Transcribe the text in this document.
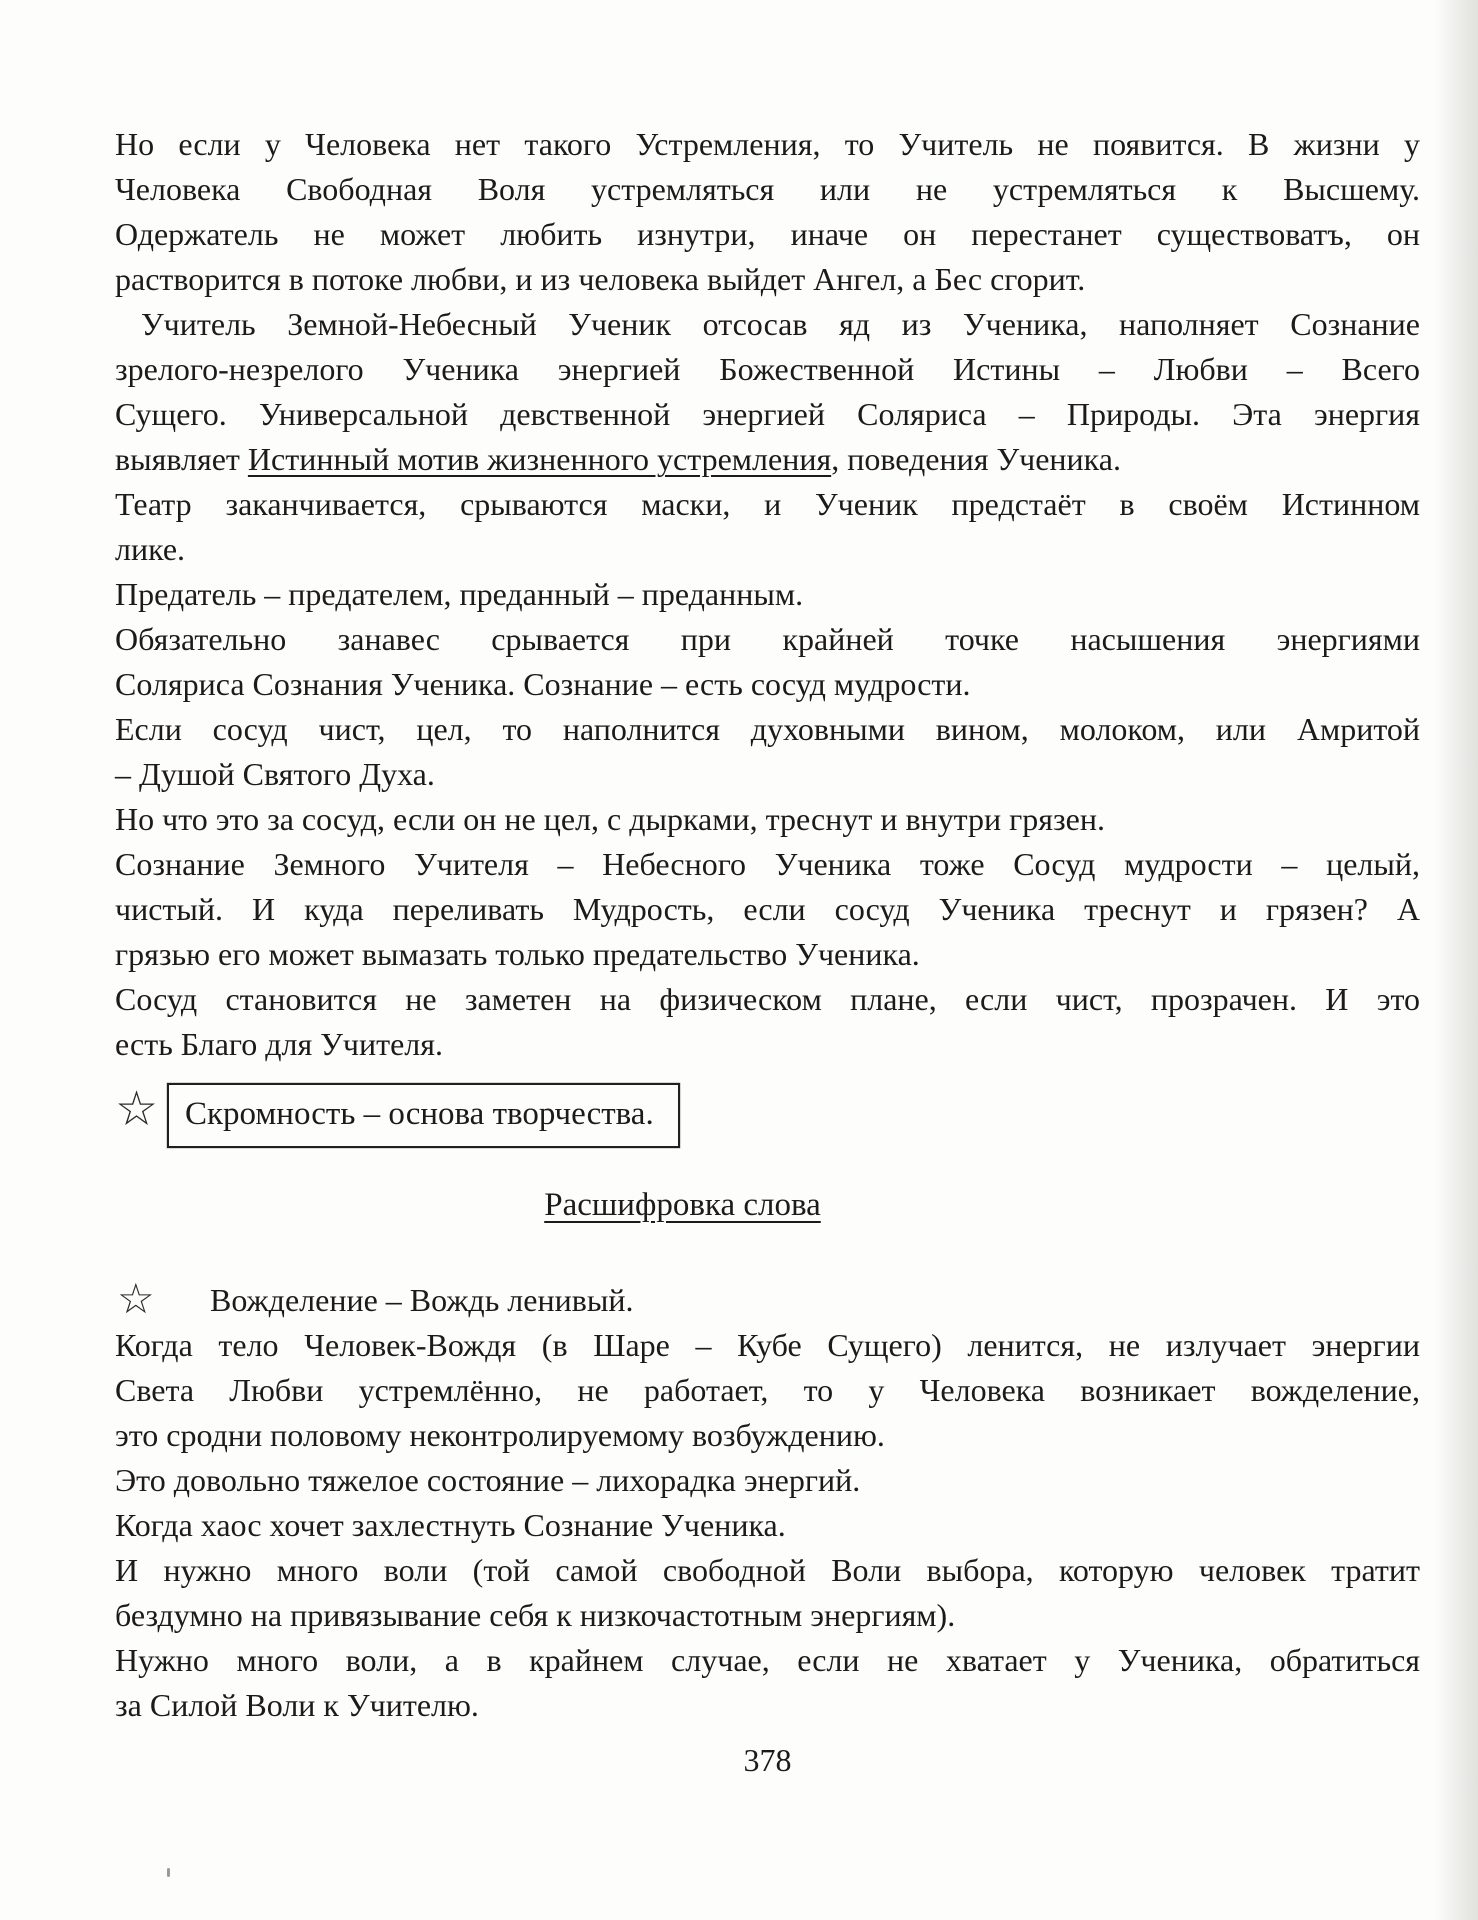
Но если у Человека нет такого Устремления, то Учитель не появится. В жизни у
Человека Свободная Воля устремляться или не устремляться к Высшему.
Одержатель не может любить изнутри, иначе он перестанет существоватъ, он
растворится в потоке любви, и из человека выйдет Ангел, а Бес сгорит.
Учитель Земной-Небесный Ученик отсосав яд из Ученика, наполняет Сознание
зрелого-незрелого Ученика энергией Божественной Истины – Любви – Всего
Сущего. Универсальной девственной энергией Соляриса – Природы. Эта энергия
выявляет Истинный мотив жизненного устремления, поведения Ученика.
Театр заканчивается, срываются маски, и Ученик предстаёт в своём Истинном
лике.
Предатель – предателем, преданный – преданным.
Обязательно занавес срывается при крайней точке насышения энергиями
Соляриса Сознания Ученика. Сознание – есть сосуд мудрости.
Если сосуд чист, цел, то наполнится духовными вином, молоком, или Амритой
– Душой Святого Духа.
Но что это за сосуд, если он не цел, с дырками, треснут и внутри грязен.
Сознание Земного Учителя – Небесного Ученика тоже Сосуд мудрости – целый,
чистый. И куда переливать Мудрость, если сосуд Ученика треснут и грязен? А
грязью его может вымазать только предательство Ученика.
Сосуд становится не заметен на физическом плане, если чист, прозрачен. И это
есть Благо для Учителя.
☆ Скромность – основа творчества.
Расшифровка слова
☆ Вожделение – Вождь ленивый.
Когда тело Человек-Вождя (в Шаре – Кубе Сущего) ленится, не излучает энергии
Света Любви устремлённо, не работает, то у Человека возникает вожделение,
это сродни половому неконтролируемому возбуждению.
Это довольно тяжелое состояние – лихорадка энергий.
Когда хаос хочет захлестнуть Сознание Ученика.
И нужно много воли (той самой свободной Воли выбора, которую человек тратит
бездумно на привязывание себя к низкочастотным энергиям).
Нужно много воли, а в крайнем случае, если не хватает у Ученика, обратиться
за Силой Воли к Учителю.
378
